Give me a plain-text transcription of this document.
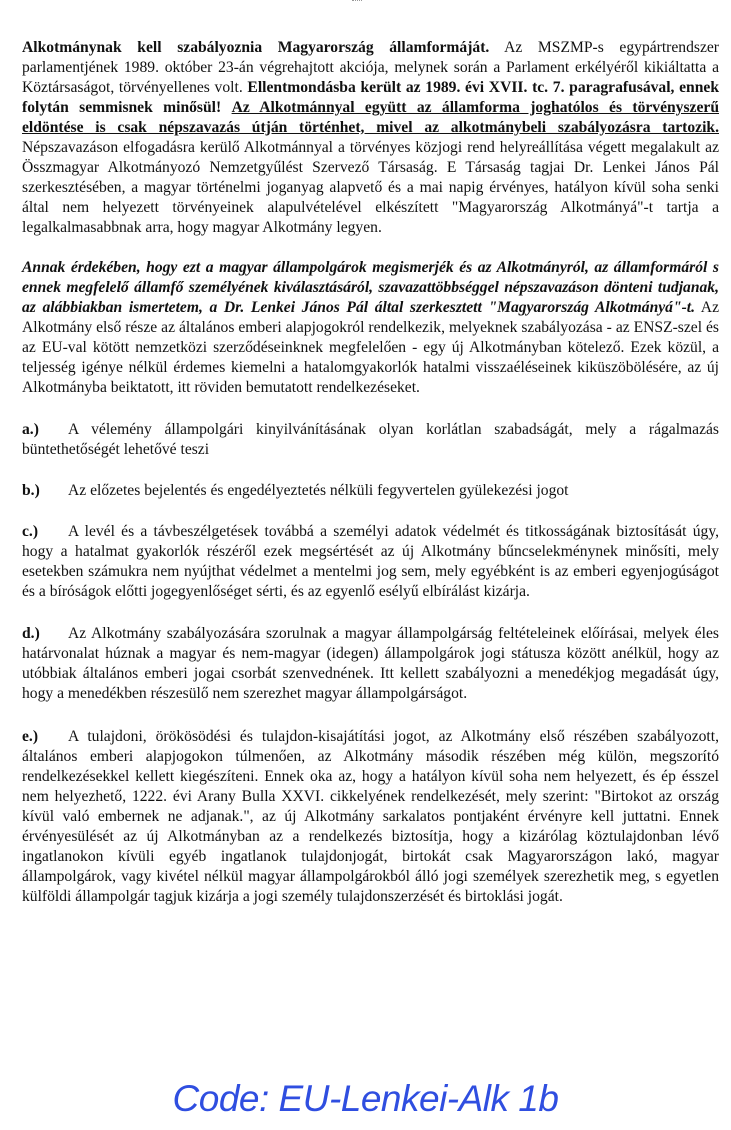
Alkotmánynak kell szabályoznia Magyarország államformáját. Az MSZMP-s egypártrendszer parlamentjének 1989. október 23-án végrehajtott akciója, melynek során a Parlament erkélyéről kikiáltatta a Köztársaságot, törvényellenes volt. Ellentmondásba került az 1989. évi XVII. tc. 7. paragrafusával, ennek folytán semmisnek minősül! Az Alkotmánnyal együtt az államforma joghatólos és törvényszerű eldöntése is csak népszavazás útján történhet, mivel az alkotmánybeli szabályozásra tartozik. Népszavazáson elfogadásra kerülő Alkotmánnyal a törvényes közjogi rend helyreállítása végett megalakult az Összmagyar Alkotmányozó Nemzetgyűlést Szervező Társaság. E Társaság tagjai Dr. Lenkei János Pál szerkesztésében, a magyar történelmi joganyag alapvető és a mai napig érvényes, hatályon kívül soha senki által nem helyezett törvényeinek alapulvételével elkészített "Magyarország Alkotmányá"-t tartja a legalkalmasabbnak arra, hogy magyar Alkotmány legyen.

Annak érdekében, hogy ezt a magyar állampolgárok megismerjék és az Alkotmányról, az államformáról s ennek megfelelő államfő személyének kiválasztásáról, szavazattöbbséggel népszavazáson dönteni tudjanak, az alábbiakban ismertetem, a Dr. Lenkei János Pál által szerkesztett "Magyarország Alkotmányá"-t. Az Alkotmány első része az általános emberi alapjogokról rendelkezik, melyeknek szabályozása - az ENSZ-szel és az EU-val kötött nemzetközi szerződéseinknek megfelelően - egy új Alkotmányban kötelező. Ezek közül, a teljesség igénye nélkül érdemes kiemelni a hatalomgyakorlók hatalmi visszaéléseinek kiküszöbölésére, az új Alkotmányba beiktatott, itt röviden bemutatott rendelkezéseket.

a.) A vélemény állampolgári kinyilvánításának olyan korlátlan szabadságát, mely a rágalmazás büntethetőségét lehetővé teszi

b.) Az előzetes bejelentés és engedélyeztetés nélküli fegyvertelen gyülekezési jogot

c.) A levél és a távbeszélgetések továbbá a személyi adatok védelmét és titkosságának biztosítását úgy, hogy a hatalmat gyakorlók részéről ezek megsértését az új Alkotmány bűncselekménynek minősíti, mely esetekben számukra nem nyújthat védelmet a mentelmi jog sem, mely egyébként is az emberi egyenjogúságot és a bíróságok előtti jogegyenlőséget sérti, és az egyenlő esélyű elbírálást kizárja.

d.) Az Alkotmány szabályozására szorulnak a magyar állampolgárság feltételeinek előírásai, melyek éles határvonalat húznak a magyar és nem-magyar (idegen) állampolgárok jogi státusza között anélkül, hogy az utóbbiak általános emberi jogai csorbát szenvednének. Itt kellett szabályozni a menedékjog megadását úgy, hogy a menedékben részesülő nem szerezhet magyar állampolgárságot.

e.) A tulajdoni, örökösödési és tulajdon-kisajátítási jogot, az Alkotmány első részében szabályozott, általános emberi alapjogokon túlmenően, az Alkotmány második részében még külön, megszorító rendelkezésekkel kellett kiegészíteni. Ennek oka az, hogy a hatályon kívül soha nem helyezett, és ép ésszel nem helyezhető, 1222. évi Arany Bulla XXVI. cikkelyének rendelkezését, mely szerint: "Birtokot az ország kívül való embernek ne adjanak.", az új Alkotmány sarkalatos pontjaként érvényre kell juttatni. Ennek érvényesülését az új Alkotmányban az a rendelkezés biztosítja, hogy a kizárólag köztulajdonban lévő ingatlanokon kívüli egyéb ingatlanok tulajdonjogát, birtokát csak Magyarországon lakó, magyar állampolgárok, vagy kivétel nélkül magyar állampolgárokból álló jogi személyek szerezhetik meg, s egyetlen külföldi állampolgár tagjuk kizárja a jogi személy tulajdonszerzését és birtoklási jogát.

Code: EU-Lenkei-Alk 1b
